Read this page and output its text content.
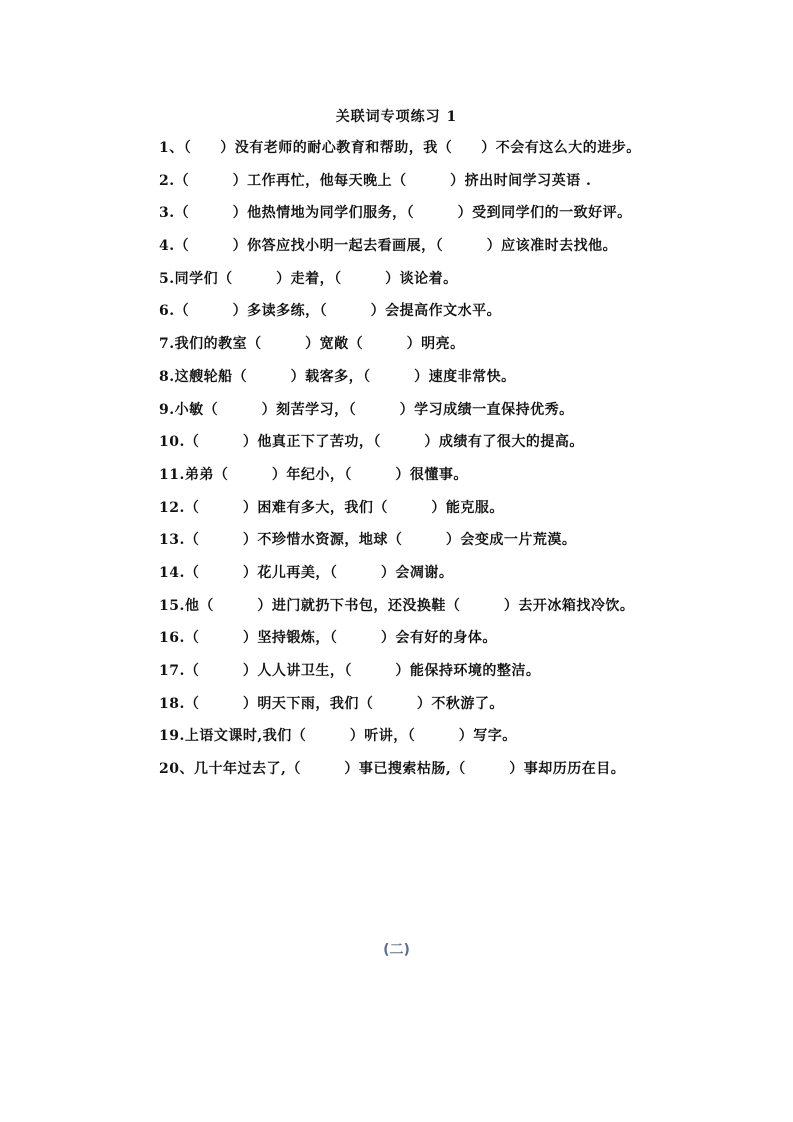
关联词专项练习 1
1、（　　）没有老师的耐心教育和帮助，我（　　）不会有这么大的进步。
2.（　　　）工作再忙，他每天晚上（　　　）挤出时间学习英语 .
3.（　　　）他热情地为同学们服务，（　　　）受到同学们的一致好评。
4.（　　　）你答应找小明一起去看画展，（　　　）应该准时去找他。
5.同学们（　　　）走着，（　　　）谈论着。
6.（　　　）多读多练，（　　　）会提高作文水平。
7.我们的教室（　　　）宽敞（　　　）明亮。
8.这艘轮船（　　　）载客多，（　　　）速度非常快。
9.小敏（　　　）刻苦学习，（　　　）学习成绩一直保持优秀。
10.（　　　）他真正下了苦功，（　　　）成绩有了很大的提高。
11.弟弟（　　　）年纪小，（　　　）很懂事。
12.（　　　）困难有多大，我们（　　　）能克服。
13.（　　　）不珍惜水资源，地球（　　　）会变成一片荒漠。
14.（　　　）花儿再美，（　　　）会凋谢。
15.他（　　　）进门就扔下书包，还没换鞋（　　　）去开冰箱找冷饮。
16.（　　　）坚持锻炼，（　　　）会有好的身体。
17.（　　　）人人讲卫生，（　　　）能保持环境的整洁。
18.（　　　）明天下雨，我们（　　　）不秋游了。
19.上语文课时,我们（　　　）听讲，（　　　）写字。
20、几十年过去了,（　　　）事已搜索枯肠,（　　　）事却历历在目。
(二)
